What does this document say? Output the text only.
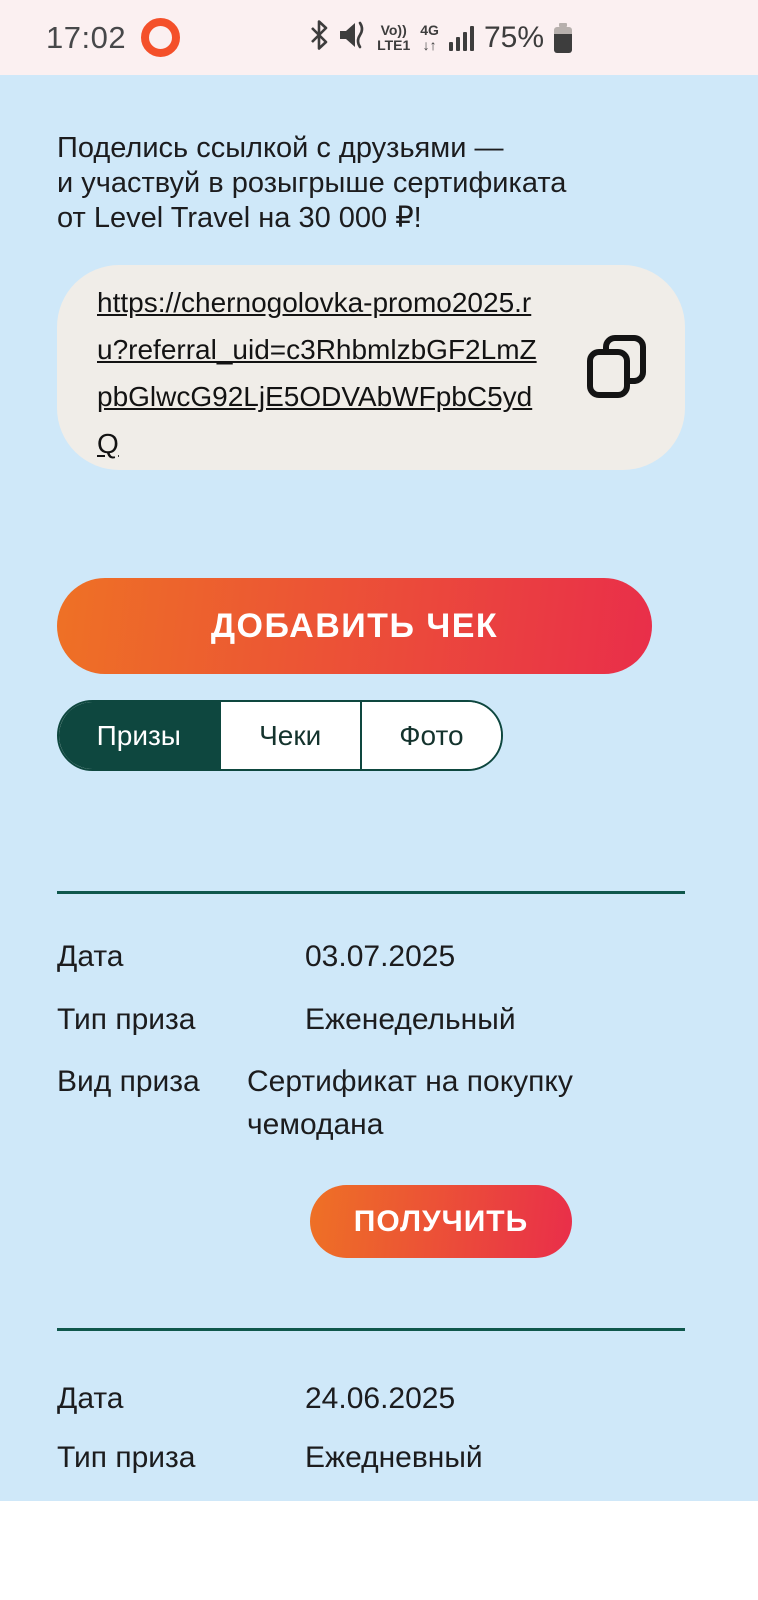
17:02	Vo))
LTE1
4G
↓↑ 75%
Поделись ссылкой с друзьями —
и участвуй в розыгрыше сертификата
от Level Travel на 30 000 ₽!
https://chernogolovka-promo2025.ru?referral_uid=c3RhbmlzbGF2LmZpbGlwcG92LjE5ODVAbWFpbC5ydQ
ДОБАВИТЬ ЧЕК
Призы	Чеки	Фото
Дата	03.07.2025
Тип приза	Еженедельный
Вид приза	Сертификат на покупку чемодана
ПОЛУЧИТЬ
Дата	24.06.2025
Тип приза	Ежедневный
